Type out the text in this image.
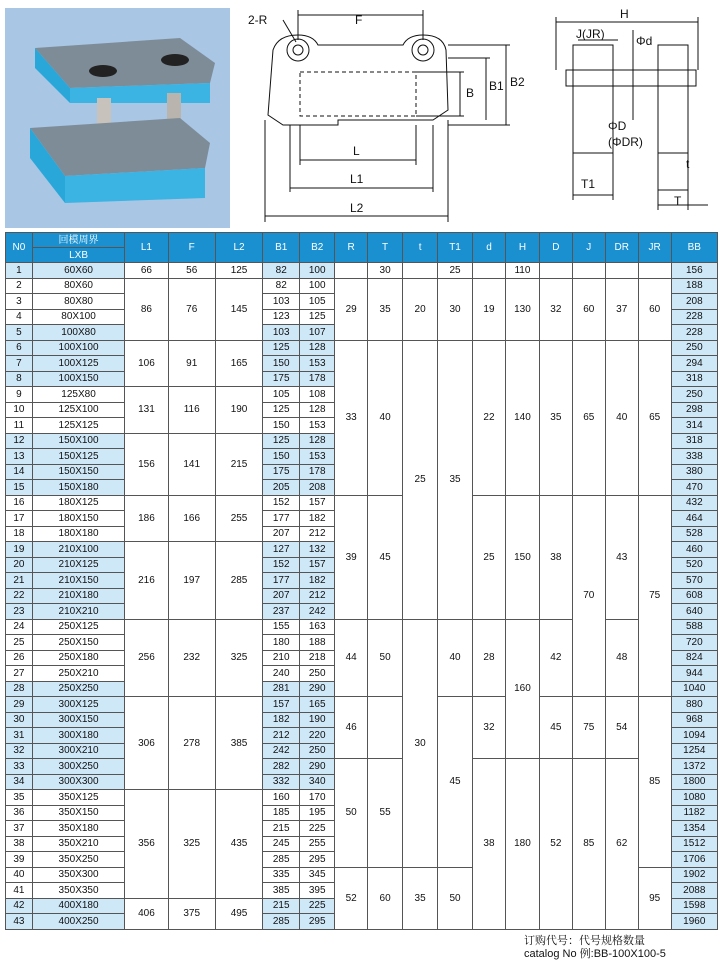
2-R	F
B B1 B2
L
L1
L2
H
J(JR)	Φd
ΦD
(ΦDR)
t
T1
T
N0	回模周界	L1	F	L2	B1	B2	R	T	t	T1	d	H	D	J	DR	JR	BB
	LXB																
1	60X60	66	56	125	82	100		30		25		110					156
2	80X60	86	76	145	82	100	29	35	20	30	19	130	32	60	37	60	188
3	80X80				103	105											208
4	80X100				123	125											228
5	100X80				103	107											228
6	100X100	106	91	165	125	128	33	40	25	35	22	140	35	65	40	65	250
7	100X125				150	153											294
8	100X150				175	178											318
9	125X80	131	116	190	105	108											250
10	125X100				125	128											298
11	125X125				150	153											314
12	150X100	156	141	215	125	128											318
13	150X125				150	153											338
14	150X150				175	178											380
15	150X180				205	208											470
16	180X125	186	166	255	152	157	39	45			25	150	38	70	43	75	432
17	180X150				177	182											464
18	180X180				207	212											528
19	210X100	216	197	285	127	132											460
20	210X125				152	157											520
21	210X150				177	182											570
22	210X180				207	212											608
23	210X210				237	242											640
24	250X125	256	232	325	155	163	44	50	30	40	28	160	42		48		588
25	250X150				180	188											720
26	250X180				210	218											824
27	250X210				240	250											944
28	250X250				281	290											1040
29	300X125	306	278	385	157	165	46			45	32		45	75	54	85	880
30	300X150				182	190											968
31	300X180				212	220											1094
32	300X210				242	250											1254
33	300X250				282	290	50	55			38	180	52	85	62		1372
34	300X300				332	340											1800
35	350X125	356	325	435	160	170											1080
36	350X150				185	195											1182
37	350X180				215	225											1354
38	350X210				245	255											1512
39	350X250				285	295											1706
40	350X300				335	345	52	60	35	50						95	1902
41	350X350				385	395											2088
42	400X180	406	375	495	215	225											1598
43	400X250				285	295											1960
订购代号：代号规格数量
catalog No 例:BB-100X100-5
